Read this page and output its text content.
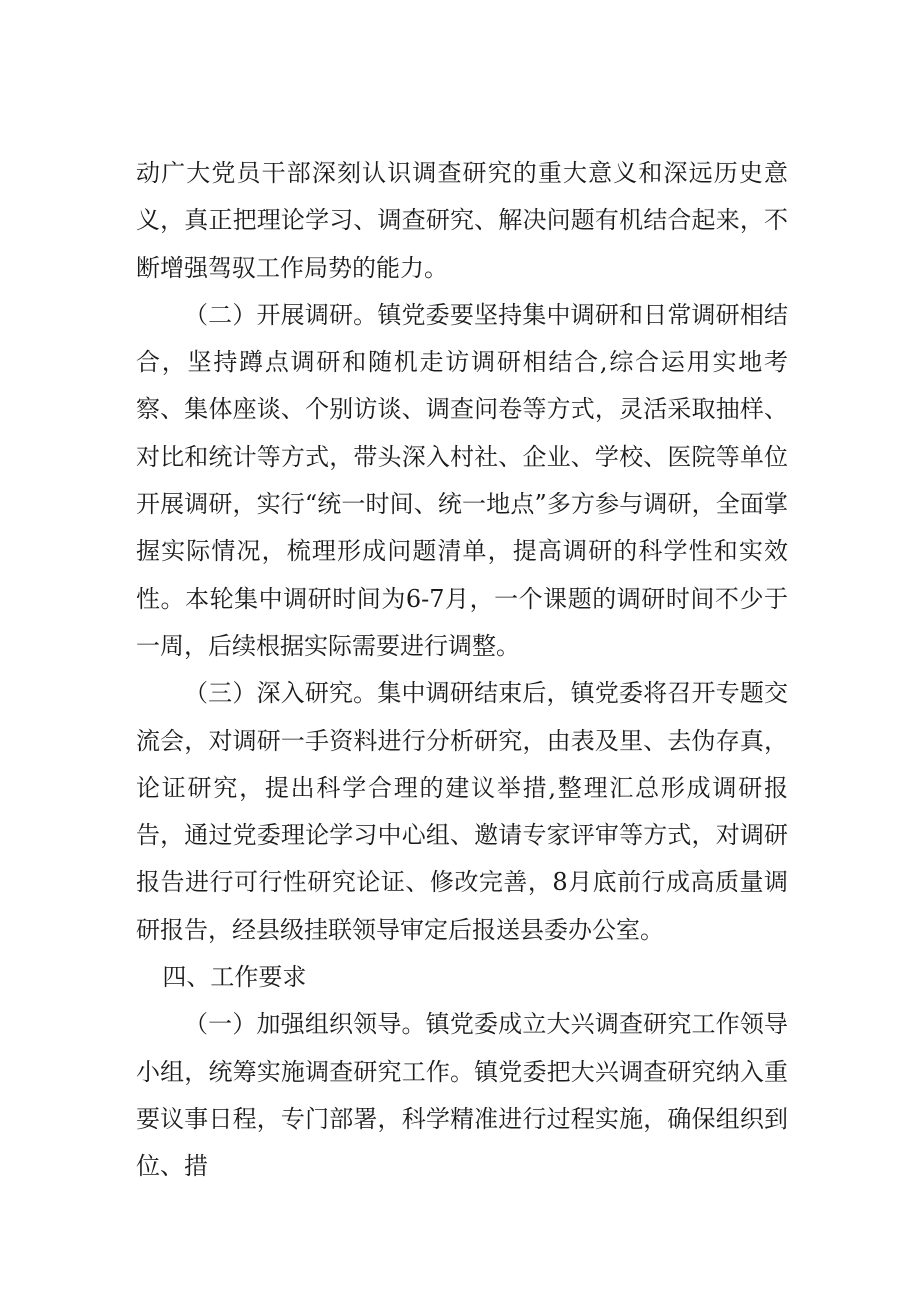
动广大党员干部深刻认识调查研究的重大意义和深远历史意义，真正把理论学习、调查研究、解决问题有机结合起来，不断增强驾驭工作局势的能力。

（二）开展调研。镇党委要坚持集中调研和日常调研相结合，坚持蹲点调研和随机走访调研相结合,综合运用实地考察、集体座谈、个别访谈、调查问卷等方式，灵活采取抽样、对比和统计等方式，带头深入村社、企业、学校、医院等单位开展调研，实行“统一时间、统一地点”多方参与调研，全面掌握实际情况，梳理形成问题清单，提高调研的科学性和实效性。本轮集中调研时间为6-7月，一个课题的调研时间不少于一周，后续根据实际需要进行调整。

（三）深入研究。集中调研结束后，镇党委将召开专题交流会，对调研一手资料进行分析研究，由表及里、去伪存真，论证研究，提出科学合理的建议举措,整理汇总形成调研报告，通过党委理论学习中心组、邀请专家评审等方式，对调研报告进行可行性研究论证、修改完善，8月底前行成高质量调研报告，经县级挂联领导审定后报送县委办公室。

四、工作要求

（一）加强组织领导。镇党委成立大兴调查研究工作领导小组，统筹实施调查研究工作。镇党委把大兴调查研究纳入重要议事日程，专门部署，科学精准进行过程实施，确保组织到位、措
